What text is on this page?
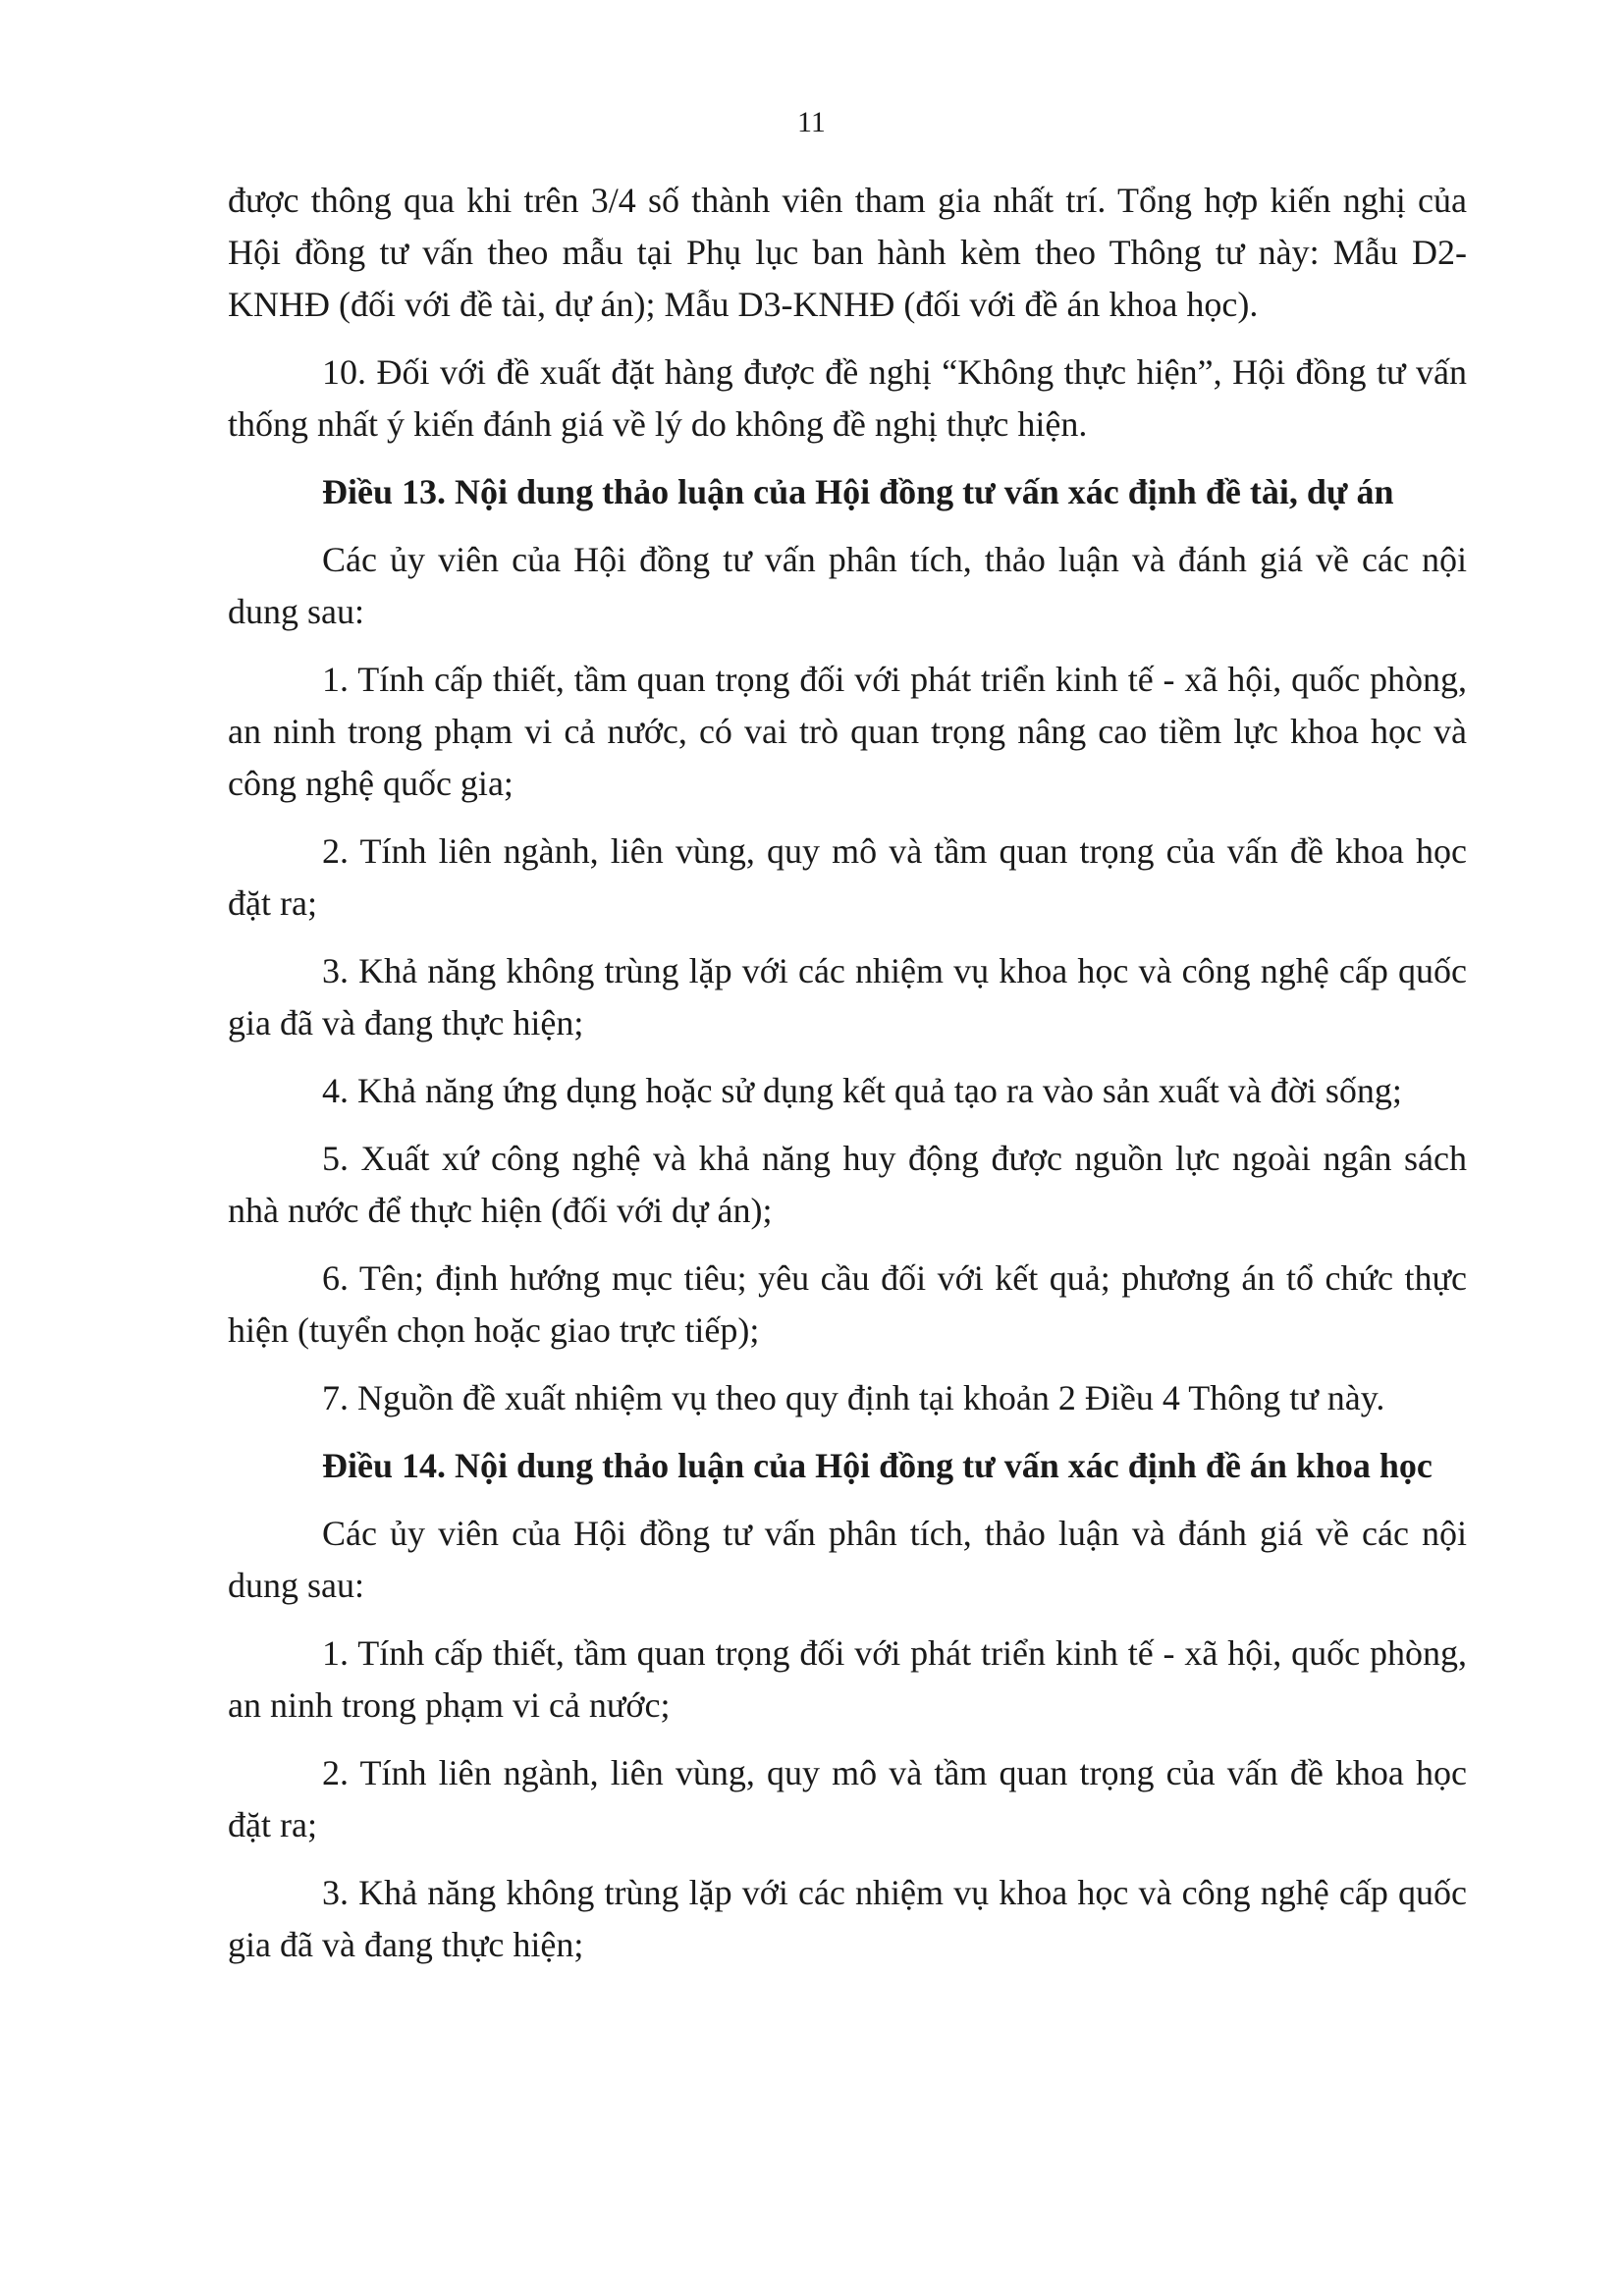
11

được thông qua khi trên 3/4 số thành viên tham gia nhất trí. Tổng hợp kiến nghị của Hội đồng tư vấn theo mẫu tại Phụ lục ban hành kèm theo Thông tư này: Mẫu D2-KNHĐ (đối với đề tài, dự án); Mẫu D3-KNHĐ (đối với đề án khoa học).

10. Đối với đề xuất đặt hàng được đề nghị “Không thực hiện”, Hội đồng tư vấn thống nhất ý kiến đánh giá về lý do không đề nghị thực hiện.

Điều 13. Nội dung thảo luận của Hội đồng tư vấn xác định đề tài, dự án

Các ủy viên của Hội đồng tư vấn phân tích, thảo luận và đánh giá về các nội dung sau:

1. Tính cấp thiết, tầm quan trọng đối với phát triển kinh tế - xã hội, quốc phòng, an ninh trong phạm vi cả nước, có vai trò quan trọng nâng cao tiềm lực khoa học và công nghệ quốc gia;

2. Tính liên ngành, liên vùng, quy mô và tầm quan trọng của vấn đề khoa học đặt ra;

3. Khả năng không trùng lặp với các nhiệm vụ khoa học và công nghệ cấp quốc gia đã và đang thực hiện;

4. Khả năng ứng dụng hoặc sử dụng kết quả tạo ra vào sản xuất và đời sống;

5. Xuất xứ công nghệ và khả năng huy động được nguồn lực ngoài ngân sách nhà nước để thực hiện (đối với dự án);

6. Tên; định hướng mục tiêu; yêu cầu đối với kết quả; phương án tổ chức thực hiện (tuyển chọn hoặc giao trực tiếp);

7. Nguồn đề xuất nhiệm vụ theo quy định tại khoản 2 Điều 4 Thông tư này.

Điều 14. Nội dung thảo luận của Hội đồng tư vấn xác định đề án khoa học

Các ủy viên của Hội đồng tư vấn phân tích, thảo luận và đánh giá về các nội dung sau:

1. Tính cấp thiết, tầm quan trọng đối với phát triển kinh tế - xã hội, quốc phòng, an ninh trong phạm vi cả nước;

2. Tính liên ngành, liên vùng, quy mô và tầm quan trọng của vấn đề khoa học đặt ra;

3. Khả năng không trùng lặp với các nhiệm vụ khoa học và công nghệ cấp quốc gia đã và đang thực hiện;
